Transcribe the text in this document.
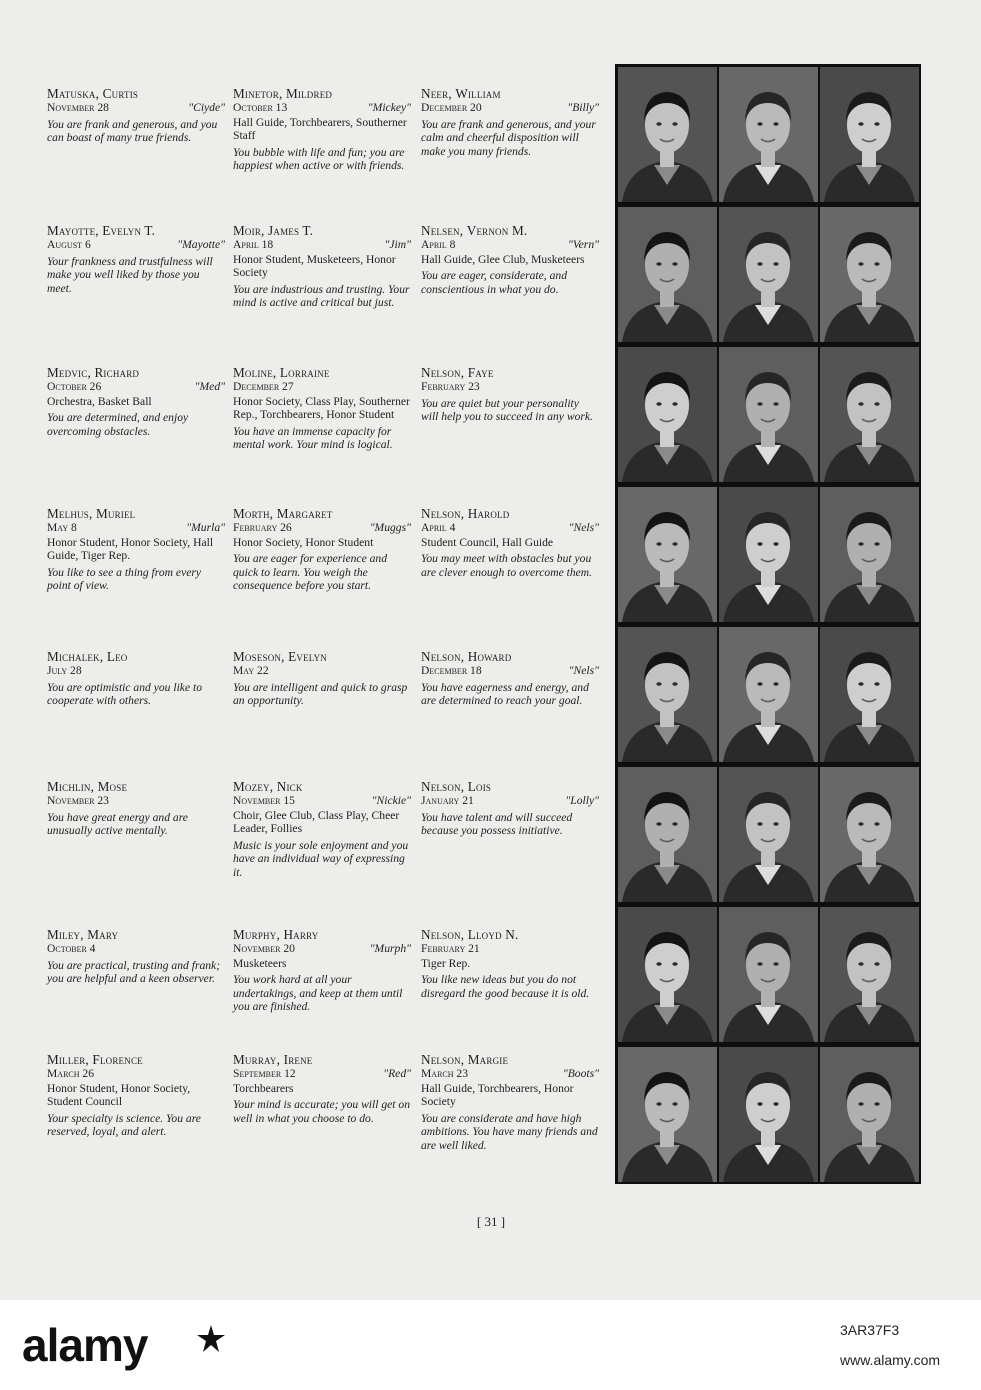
Matuska, Curtis
November 28	"Ciyde"
You are frank and generous, and you can boast of many true friends.
Mayotte, Evelyn T.
August 6	"Mayotte"
Your frankness and trustfulness will make you well liked by those you meet.
Medvic, Richard
October 26	"Med"
Orchestra, Basket Ball
You are determined, and enjoy overcoming obstacles.
Melhus, Muriel
May 8	"Murla"
Honor Student, Honor Society, Hall Guide, Tiger Rep.
You like to see a thing from every point of view.
Michalek, Leo
July 28
You are optimistic and you like to cooperate with others.
Michlin, Mose
November 23
You have great energy and are unusually active mentally.
Miley, Mary
October 4
You are practical, trusting and frank; you are helpful and a keen observer.
Miller, Florence
March 26
Honor Student, Honor Society, Student Council
Your specialty is science. You are reserved, loyal, and alert.
Minetor, Mildred
October 13	"Mickey"
Hall Guide, Torchbearers, Southerner Staff
You bubble with life and fun; you are happiest when active or with friends.
Moir, James T.
April 18	"Jim"
Honor Student, Musketeers, Honor Society
You are industrious and trusting. Your mind is active and critical but just.
Moline, Lorraine
December 27
Honor Society, Class Play, Southerner Rep., Torchbearers, Honor Student
You have an immense capacity for mental work. Your mind is logical.
Morth, Margaret
February 26	"Muggs"
Honor Society, Honor Student
You are eager for experience and quick to learn. You weigh the consequence before you start.
Moseson, Evelyn
May 22
You are intelligent and quick to grasp an opportunity.
Mozey, Nick
November 15	"Nickie"
Choir, Glee Club, Class Play, Cheer Leader, Follies
Music is your sole enjoyment and you have an individual way of expressing it.
Murphy, Harry
November 20	"Murph"
Musketeers
You work hard at all your undertakings, and keep at them until you are finished.
Murray, Irene
September 12	"Red"
Torchbearers
Your mind is accurate; you will get on well in what you choose to do.
Neer, William
December 20	"Billy"
You are frank and generous, and your calm and cheerful disposition will make you many friends.
Nelsen, Vernon M.
April 8	"Vern"
Hall Guide, Glee Club, Musketeers
You are eager, considerate, and conscientious in what you do.
Nelson, Faye
February 23
You are quiet but your personality will help you to succeed in any work.
Nelson, Harold
April 4	"Nels"
Student Council, Hall Guide
You may meet with obstacles but you are clever enough to overcome them.
Nelson, Howard
December 18	"Nels"
You have eagerness and energy, and are determined to reach your goal.
Nelson, Lois
January 21	"Lolly"
You have talent and will succeed because you possess initiative.
Nelson, Lloyd N.
February 21
Tiger Rep.
You like new ideas but you do not disregard the good because it is old.
Nelson, Margie
March 23	"Boots"
Hall Guide, Torchbearers, Honor Society
You are considerate and have high ambitions. You have many friends and are well liked.
[ 31 ]
alamy	3AR37F3
www.alamy.com
